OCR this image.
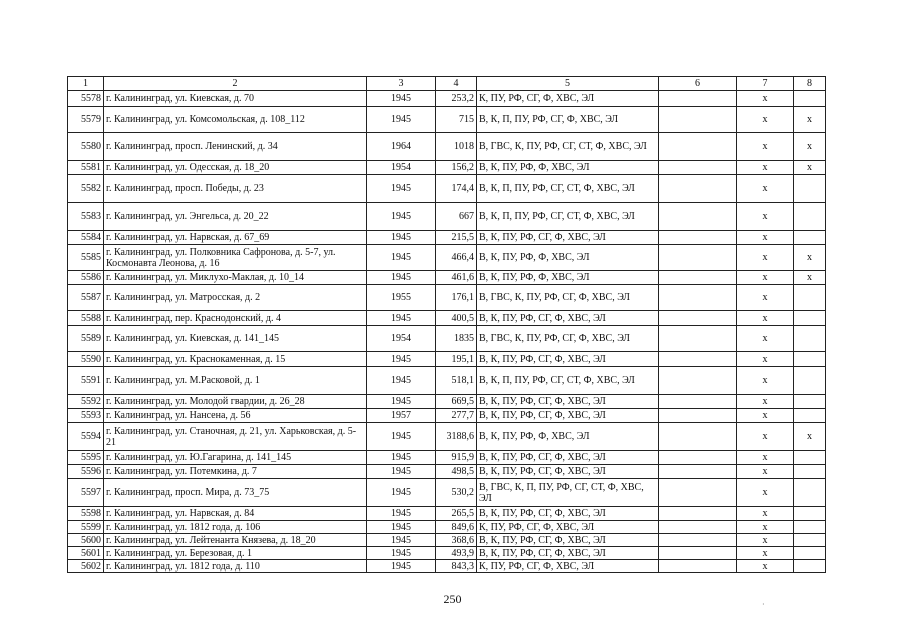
1	2	3	4	5	6	7	8
5578	г. Калининград, ул. Киевская, д. 70	1945	253,2	К, ПУ, РФ, СГ, Ф, ХВС, ЭЛ		x	
5579	г. Калининград, ул. Комсомольская, д. 108_112	1945	715	В, К, П, ПУ, РФ, СГ, Ф, ХВС, ЭЛ		x	x
5580	г. Калининград, просп. Ленинский, д. 34	1964	1018	В, ГВС, К, ПУ, РФ, СГ, СТ, Ф, ХВС, ЭЛ		x	x
5581	г. Калининград, ул. Одесская, д. 18_20	1954	156,2	В, К, ПУ, РФ, Ф, ХВС, ЭЛ		x	x
5582	г. Калининград, просп. Победы, д. 23	1945	174,4	В, К, П, ПУ, РФ, СГ, СТ, Ф, ХВС, ЭЛ		x	
5583	г. Калининград, ул. Энгельса, д. 20_22	1945	667	В, К, П, ПУ, РФ, СГ, СТ, Ф, ХВС, ЭЛ		x	
5584	г. Калининград, ул. Нарвская, д. 67_69	1945	215,5	В, К, ПУ, РФ, СГ, Ф, ХВС, ЭЛ		x	
5585	г. Калининград, ул. Полковника Сафронова, д. 5-7, ул. Космонавта Леонова, д. 16	1945	466,4	В, К, ПУ, РФ, Ф, ХВС, ЭЛ		x	x
5586	г. Калининград, ул. Миклухо-Маклая, д. 10_14	1945	461,6	В, К, ПУ, РФ, Ф, ХВС, ЭЛ		x	x
5587	г. Калининград, ул. Матросская, д. 2	1955	176,1	В, ГВС, К, ПУ, РФ, СГ, Ф, ХВС, ЭЛ		x	
5588	г. Калининград, пер. Краснодонский, д. 4	1945	400,5	В, К, ПУ, РФ, СГ, Ф, ХВС, ЭЛ		x	
5589	г. Калининград, ул. Киевская, д. 141_145	1954	1835	В, ГВС, К, ПУ, РФ, СГ, Ф, ХВС, ЭЛ		x	
5590	г. Калининград, ул. Краснокаменная, д. 15	1945	195,1	В, К, ПУ, РФ, СГ, Ф, ХВС, ЭЛ		x	
5591	г. Калининград, ул. М.Расковой, д. 1	1945	518,1	В, К, П, ПУ, РФ, СГ, СТ, Ф, ХВС, ЭЛ		x	
5592	г. Калининград, ул. Молодой гвардии, д. 26_28	1945	669,5	В, К, ПУ, РФ, СГ, Ф, ХВС, ЭЛ		x	
5593	г. Калининград, ул. Нансена, д. 56	1957	277,7	В, К, ПУ, РФ, СГ, Ф, ХВС, ЭЛ		x	
5594	г. Калининград, ул. Станочная, д. 21, ул. Харьковская, д. 5-21	1945	3188,6	В, К, ПУ, РФ, Ф, ХВС, ЭЛ		x	x
5595	г. Калининград, ул. Ю.Гагарина, д. 141_145	1945	915,9	В, К, ПУ, РФ, СГ, Ф, ХВС, ЭЛ		x	
5596	г. Калининград, ул. Потемкина, д. 7	1945	498,5	В, К, ПУ, РФ, СГ, Ф, ХВС, ЭЛ		x	
5597	г. Калининград, просп. Мира, д. 73_75	1945	530,2	В, ГВС, К, П, ПУ, РФ, СГ, СТ, Ф, ХВС, ЭЛ		x	
5598	г. Калининград, ул. Нарвская, д. 84	1945	265,5	В, К, ПУ, РФ, СГ, Ф, ХВС, ЭЛ		x	
5599	г. Калининград, ул. 1812 года, д. 106	1945	849,6	К, ПУ, РФ, СГ, Ф, ХВС, ЭЛ		x	
5600	г. Калининград, ул. Лейтенанта Князева, д. 18_20	1945	368,6	В, К, ПУ, РФ, СГ, Ф, ХВС, ЭЛ		x	
5601	г. Калининград, ул. Березовая, д. 1	1945	493,9	В, К, ПУ, РФ, СГ, Ф, ХВС, ЭЛ		x	
5602	г. Калининград, ул. 1812 года, д. 110	1945	843,3	К, ПУ, РФ, СГ, Ф, ХВС, ЭЛ		x	
250	·
